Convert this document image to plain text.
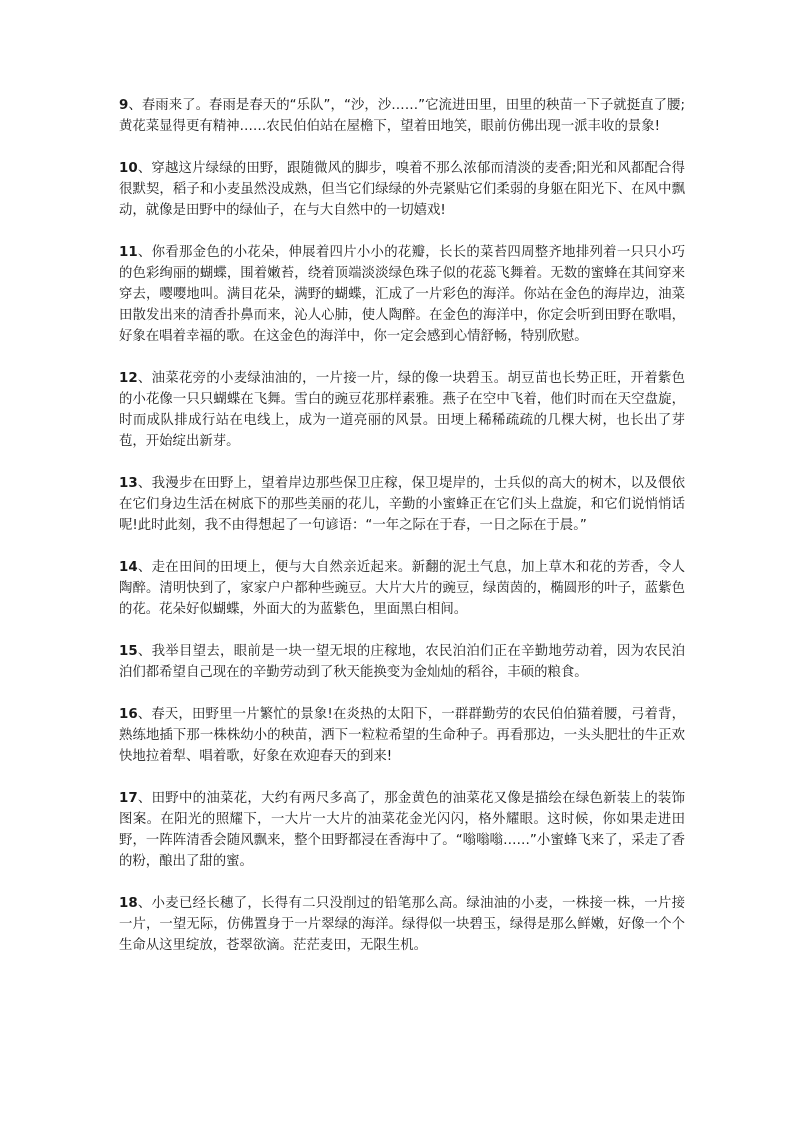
9、春雨来了。春雨是春天的“乐队”，“沙，沙……”它流进田里，田里的秧苗一下子就挺直了腰;黄花菜显得更有精神……农民伯伯站在屋檐下，望着田地笑，眼前仿佛出现一派丰收的景象!

10、穿越这片绿绿的田野，跟随微风的脚步，嗅着不那么浓郁而清淡的麦香;阳光和风都配合得很默契，稻子和小麦虽然没成熟，但当它们绿绿的外壳紧贴它们柔弱的身躯在阳光下、在风中飘动，就像是田野中的绿仙子，在与大自然中的一切嬉戏!

11、你看那金色的小花朵，伸展着四片小小的花瓣，长长的菜苔四周整齐地排列着一只只小巧的色彩绚丽的蝴蝶，围着嫩苔，绕着顶端淡淡绿色珠子似的花蕊飞舞着。无数的蜜蜂在其间穿来穿去，嘤嘤地叫。满目花朵，满野的蝴蝶，汇成了一片彩色的海洋。你站在金色的海岸边，油菜田散发出来的清香扑鼻而来，沁人心肺，使人陶醉。在金色的海洋中，你定会听到田野在歌唱，好象在唱着幸福的歌。在这金色的海洋中，你一定会感到心情舒畅，特别欣慰。

12、油菜花旁的小麦绿油油的，一片接一片，绿的像一块碧玉。胡豆苗也长势正旺，开着紫色的小花像一只只蝴蝶在飞舞。雪白的豌豆花那样素雅。燕子在空中飞着，他们时而在天空盘旋，时而成队排成行站在电线上，成为一道亮丽的风景。田埂上稀稀疏疏的几棵大树，也长出了芽苞，开始绽出新芽。

13、我漫步在田野上，望着岸边那些保卫庄稼，保卫堤岸的，士兵似的高大的树木，以及偎依在它们身边生活在树底下的那些美丽的花儿，辛勤的小蜜蜂正在它们头上盘旋，和它们说悄悄话呢!此时此刻，我不由得想起了一句谚语：“一年之际在于春，一日之际在于晨。”

14、走在田间的田埂上，便与大自然亲近起来。新翻的泥土气息，加上草木和花的芳香，令人陶醉。清明快到了，家家户户都种些豌豆。大片大片的豌豆，绿茵茵的，椭圆形的叶子，蓝紫色的花。花朵好似蝴蝶，外面大的为蓝紫色，里面黑白相间。

15、我举目望去，眼前是一块一望无垠的庄稼地，农民泊泊们正在辛勤地劳动着，因为农民泊泊们都希望自己现在的辛勤劳动到了秋天能换变为金灿灿的稻谷，丰硕的粮食。

16、春天，田野里一片繁忙的景象!在炎热的太阳下，一群群勤劳的农民伯伯猫着腰，弓着背，熟练地插下那一株株幼小的秧苗，洒下一粒粒希望的生命种子。再看那边，一头头肥壮的牛正欢快地拉着犁、唱着歌，好象在欢迎春天的到来!

17、田野中的油菜花，大约有两尺多高了，那金黄色的油菜花又像是描绘在绿色新装上的装饰图案。在阳光的照耀下，一大片一大片的油菜花金光闪闪，格外耀眼。这时候，你如果走进田野，一阵阵清香会随风飘来，整个田野都浸在香海中了。“嗡嗡嗡……”小蜜蜂飞来了，采走了香的粉，酿出了甜的蜜。

18、小麦已经长穗了，长得有二只没削过的铅笔那么高。绿油油的小麦，一株接一株，一片接一片，一望无际，仿佛置身于一片翠绿的海洋。绿得似一块碧玉，绿得是那么鲜嫩，好像一个个生命从这里绽放，苍翠欲滴。茫茫麦田，无限生机。
